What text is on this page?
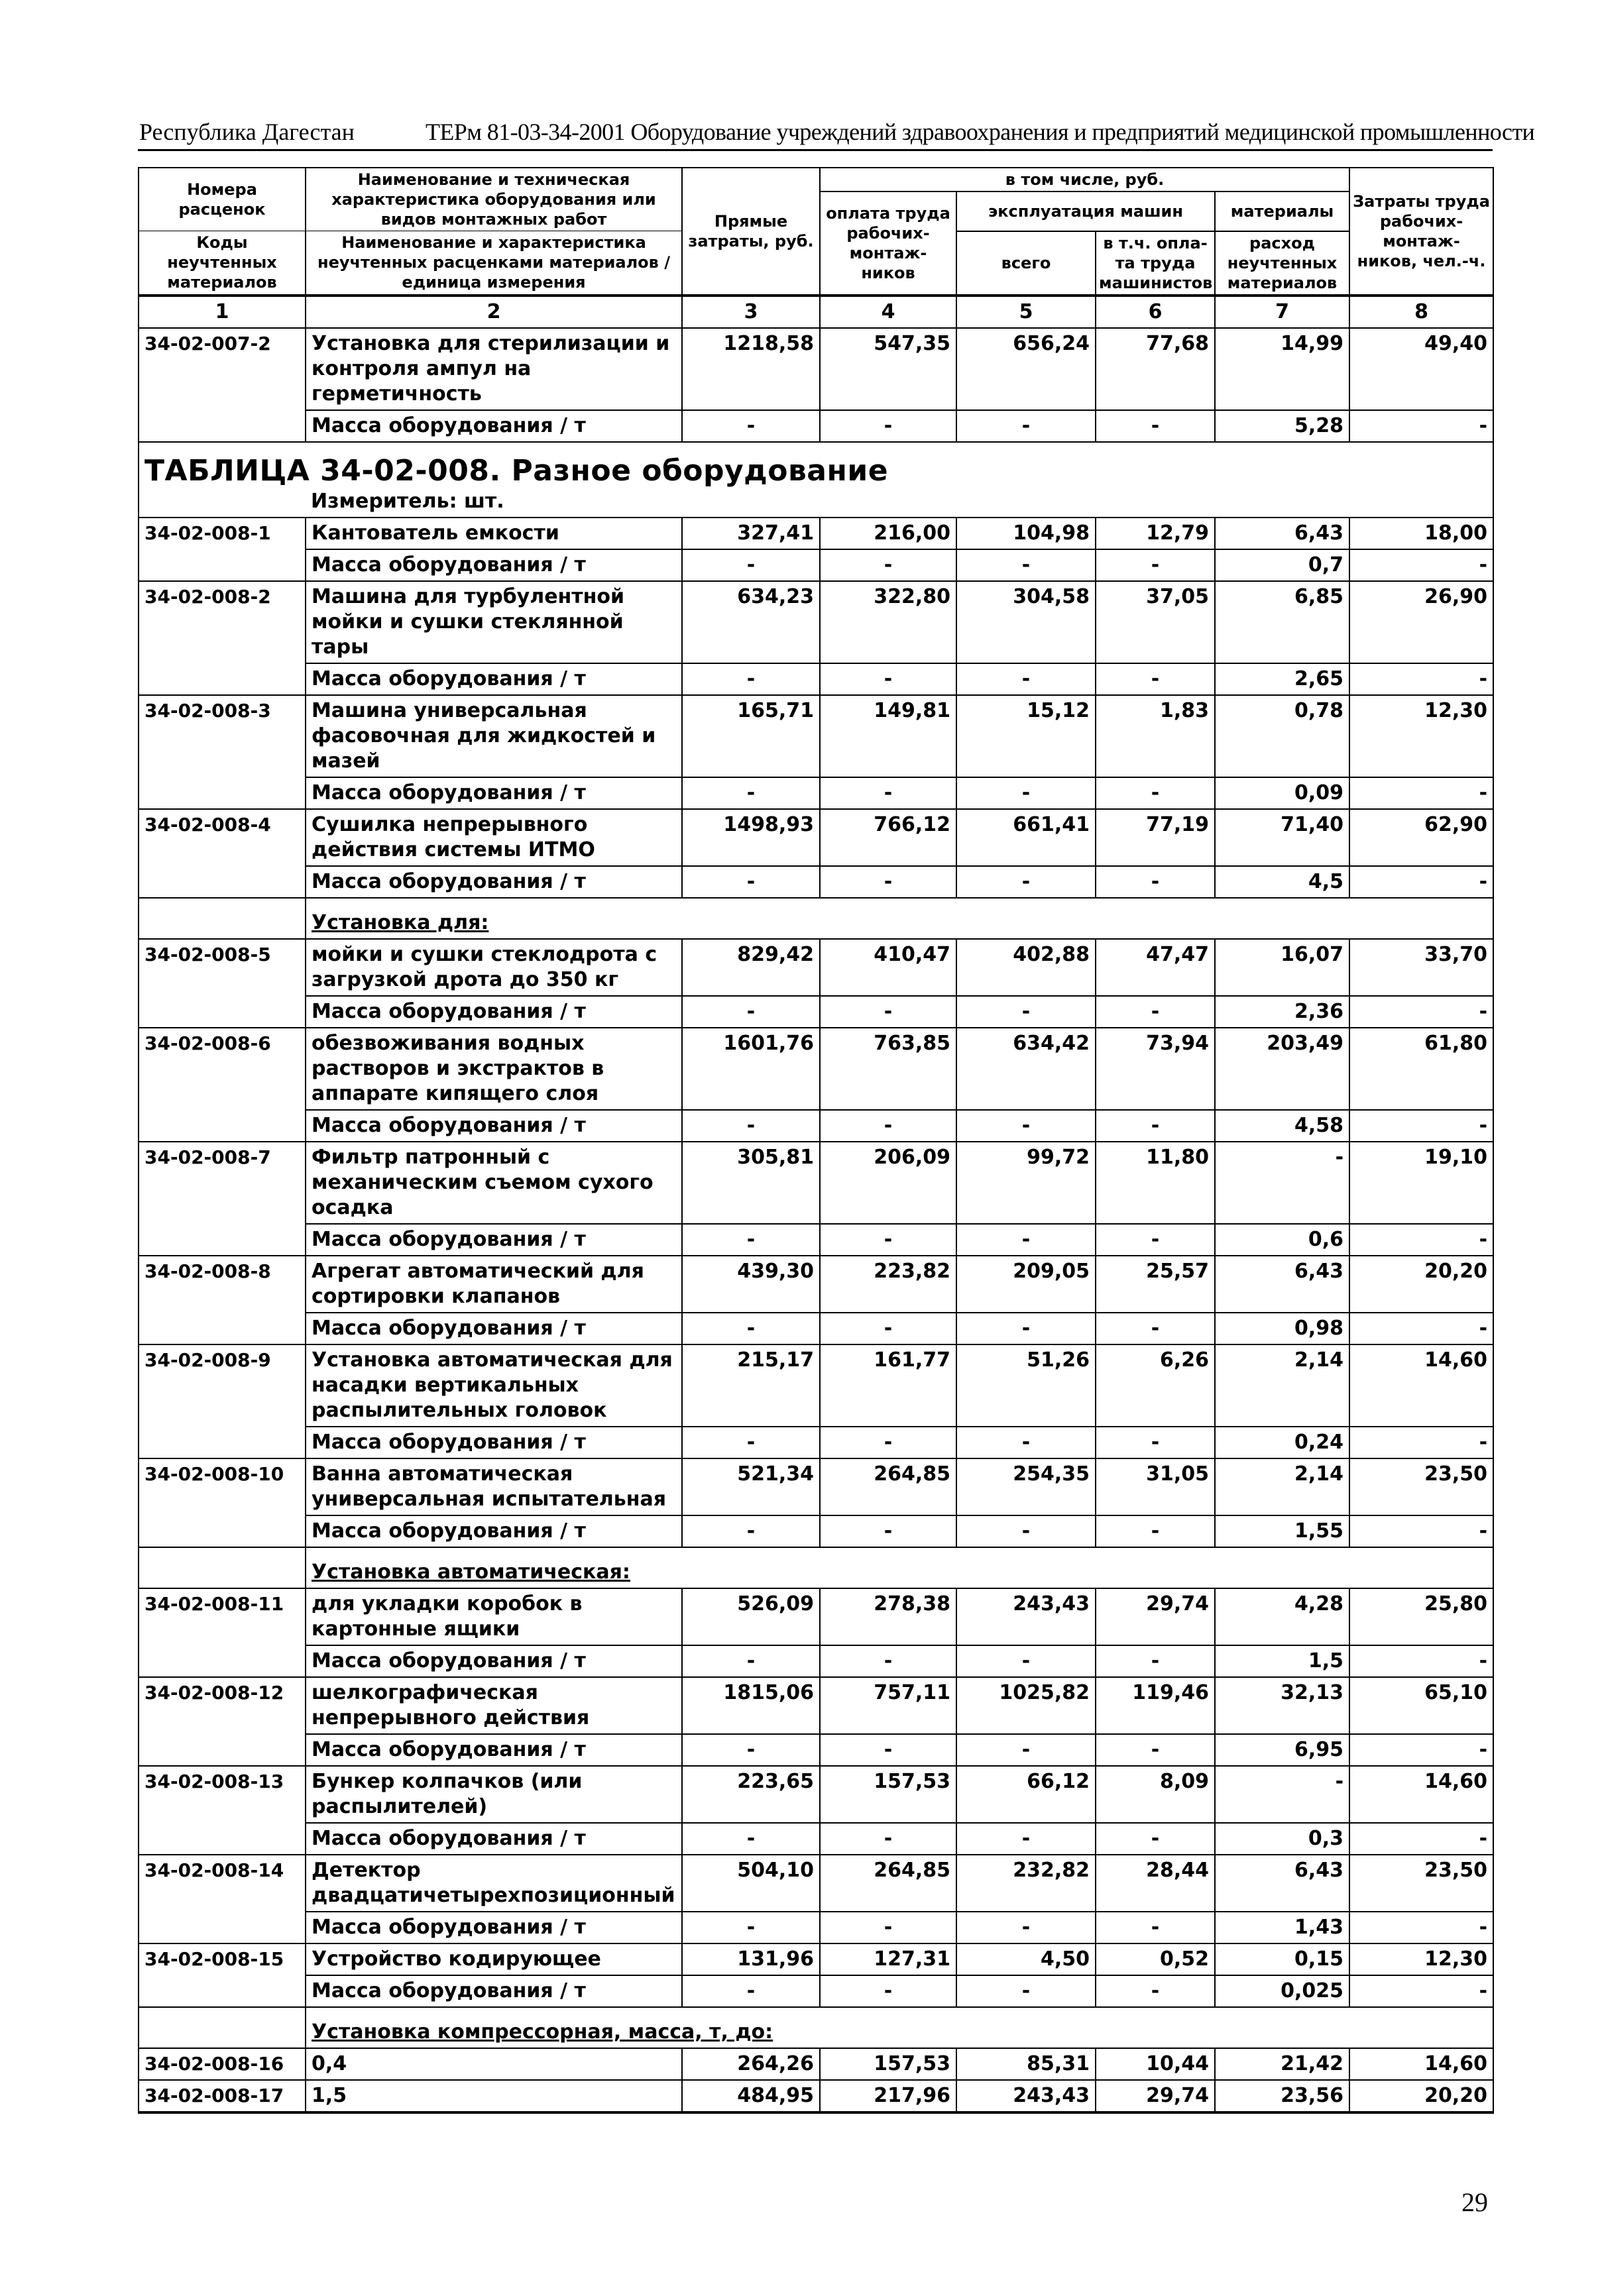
Республика Дагестан	ТЕРм 81-03-34-2001 Оборудование учреждений здравоохранения и предприятий медицинской промышленности
Номера расценок	Наименование и техническая характеристика оборудования или видов монтажных работ	Прямые затраты, руб.	в том числе, руб.				Затраты труда рабочих-монтаж-ников, чел.-ч.
			оплата труда рабочих-монтаж-ников	эксплуатация машин		материалы	
Коды неучтенных материалов	Наименование и характеристика неучтенных расценками материалов / единица измерения			всего	в т.ч. опла-та труда машинистов	расход неучтенных материалов	

1	2	3	4	5	6	7	8
34-02-007-2	Установка для стерилизации и контроля ампул на герметичность	1218,58	547,35	656,24	77,68	14,99	49,40
	Масса оборудования / т	-	-	-	-	5,28	-
ТАБЛИЦА 34-02-008. Разное оборудование							
	Измеритель: шт.						
34-02-008-1	Кантователь емкости	327,41	216,00	104,98	12,79	6,43	18,00
	Масса оборудования / т	-	-	-	-	0,7	-
34-02-008-2	Машина для турбулентной мойки и сушки стеклянной тары	634,23	322,80	304,58	37,05	6,85	26,90
	Масса оборудования / т	-	-	-	-	2,65	-
34-02-008-3	Машина универсальная фасовочная для жидкостей и мазей	165,71	149,81	15,12	1,83	0,78	12,30
	Масса оборудования / т	-	-	-	-	0,09	-
34-02-008-4	Сушилка непрерывного действия системы ИТМО	1498,93	766,12	661,41	77,19	71,40	62,90
	Масса оборудования / т	-	-	-	-	4,5	-
	Установка для:						
34-02-008-5	мойки и сушки стеклодрота с загрузкой дрота до 350 кг	829,42	410,47	402,88	47,47	16,07	33,70
	Масса оборудования / т	-	-	-	-	2,36	-
34-02-008-6	обезвоживания водных растворов и экстрактов в аппарате кипящего слоя	1601,76	763,85	634,42	73,94	203,49	61,80
	Масса оборудования / т	-	-	-	-	4,58	-
34-02-008-7	Фильтр патронный с механическим съемом сухого осадка	305,81	206,09	99,72	11,80	-	19,10
	Масса оборудования / т	-	-	-	-	0,6	-
34-02-008-8	Агрегат автоматический для сортировки клапанов	439,30	223,82	209,05	25,57	6,43	20,20
	Масса оборудования / т	-	-	-	-	0,98	-
34-02-008-9	Установка автоматическая для насадки вертикальных распылительных головок	215,17	161,77	51,26	6,26	2,14	14,60
	Масса оборудования / т	-	-	-	-	0,24	-
34-02-008-10	Ванна автоматическая универсальная испытательная	521,34	264,85	254,35	31,05	2,14	23,50
	Масса оборудования / т	-	-	-	-	1,55	-
	Установка автоматическая:						
34-02-008-11	для укладки коробок в картонные ящики	526,09	278,38	243,43	29,74	4,28	25,80
	Масса оборудования / т	-	-	-	-	1,5	-
34-02-008-12	шелкографическая непрерывного действия	1815,06	757,11	1025,82	119,46	32,13	65,10
	Масса оборудования / т	-	-	-	-	6,95	-
34-02-008-13	Бункер колпачков (или распылителей)	223,65	157,53	66,12	8,09	-	14,60
	Масса оборудования / т	-	-	-	-	0,3	-
34-02-008-14	Детектор двадцатичетырехпозиционный	504,10	264,85	232,82	28,44	6,43	23,50
	Масса оборудования / т	-	-	-	-	1,43	-
34-02-008-15	Устройство кодирующее	131,96	127,31	4,50	0,52	0,15	12,30
	Масса оборудования / т	-	-	-	-	0,025	-
	Установка компрессорная, масса, т, до:						
34-02-008-16	0,4	264,26	157,53	85,31	10,44	21,42	14,60
34-02-008-17	1,5	484,95	217,96	243,43	29,74	23,56	20,20
29
